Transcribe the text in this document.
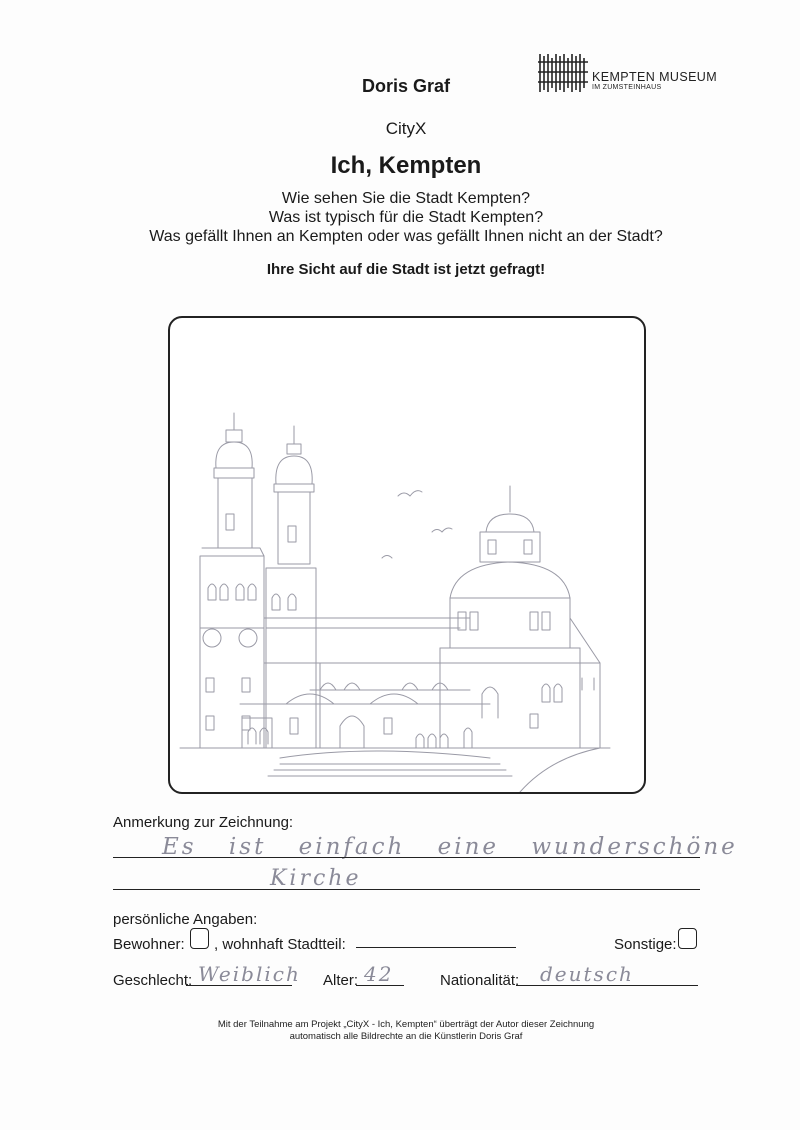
Doris Graf	KEMPTEN MUSEUM
IM ZUMSTEINHAUS
CityX
Ich, Kempten
Wie sehen Sie die Stadt Kempten?
Was ist typisch für die Stadt Kempten?
Was gefällt Ihnen an Kempten oder was gefällt Ihnen nicht an der Stadt?
Ihre Sicht auf die Stadt ist jetzt gefragt!
Anmerkung zur Zeichnung:
Es ist einfach eine wunderschöne
Kirche
persönliche Angaben:
Bewohner: , wohnhaft Stadtteil:	Sonstige:
Geschlecht: Weiblich Alter: 42	Nationalität: deutsch
Mit der Teilnahme am Projekt „CityX - Ich, Kempten“ überträgt der Autor dieser Zeichnung
automatisch alle Bildrechte an die Künstlerin Doris Graf
